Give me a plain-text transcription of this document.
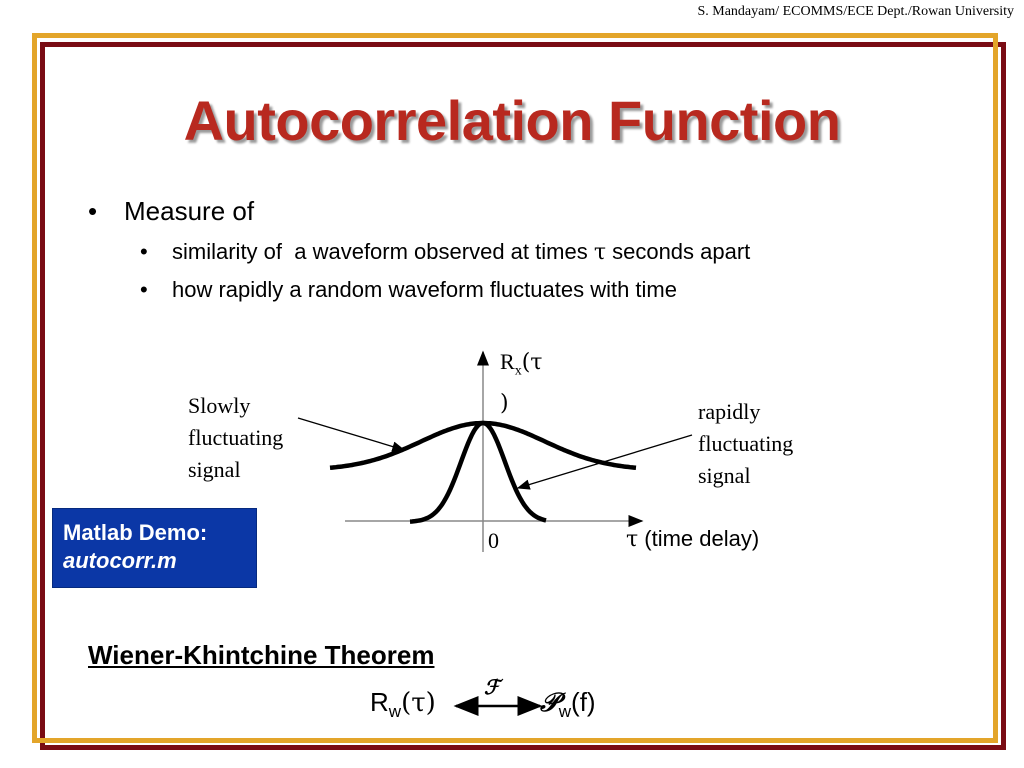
S. Mandayam/ ECOMMS/ECE Dept./Rowan University
Autocorrelation Function
• Measure of
• similarity of  a waveform observed at times τ seconds apart
• how rapidly a random waveform fluctuates with time
$R_x(\tau$
)
Slowly fluctuating signal
rapidly fluctuating signal
0	τ (time delay)
Matlab Demo:
autocorr.m
Wiener-Khintchine Theorem
$R_w(\tau)$
ℱ
𝒫$_w$(f)
